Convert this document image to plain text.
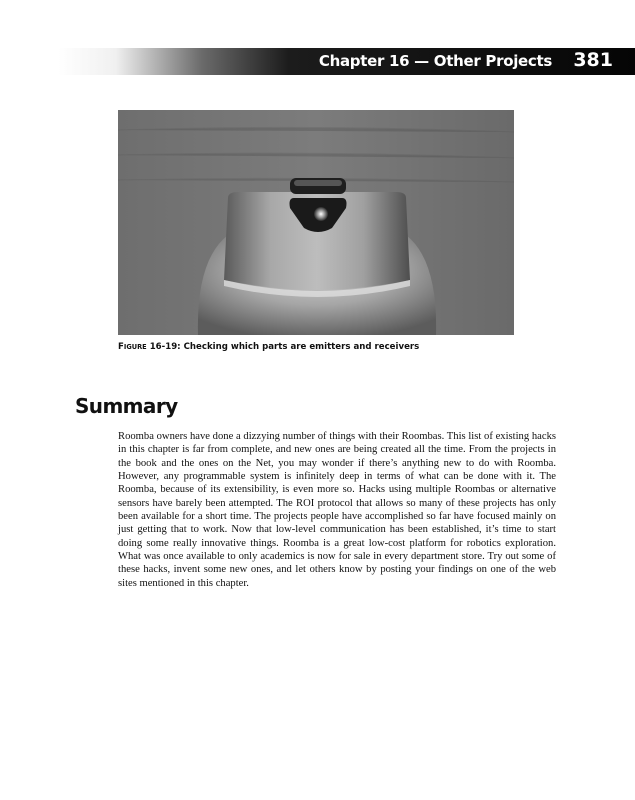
Chapter 16 — Other Projects 381
FIGURE 16-19: Checking which parts are emitters and receivers
Summary

Roomba owners have done a dizzying number of things with their Roombas. This list of existing hacks in this chapter is far from complete, and new ones are being created all the time. From the projects in the book and the ones on the Net, you may wonder if there’s anything new to do with Roomba. However, any programmable system is infinitely deep in terms of what can be done with it. The Roomba, because of its extensibility, is even more so. Hacks using multiple Roombas or alternative sensors have barely been attempted. The ROI protocol that allows so many of these projects has only been available for a short time. The projects people have accomplished so far have focused mainly on just getting that to work. Now that low-level communication has been established, it’s time to start doing some really innovative things. Roomba is a great low-cost platform for robotics exploration. What was once available to only academics is now for sale in every department store. Try out some of these hacks, invent some new ones, and let others know by posting your findings on one of the web sites mentioned in this chapter.
